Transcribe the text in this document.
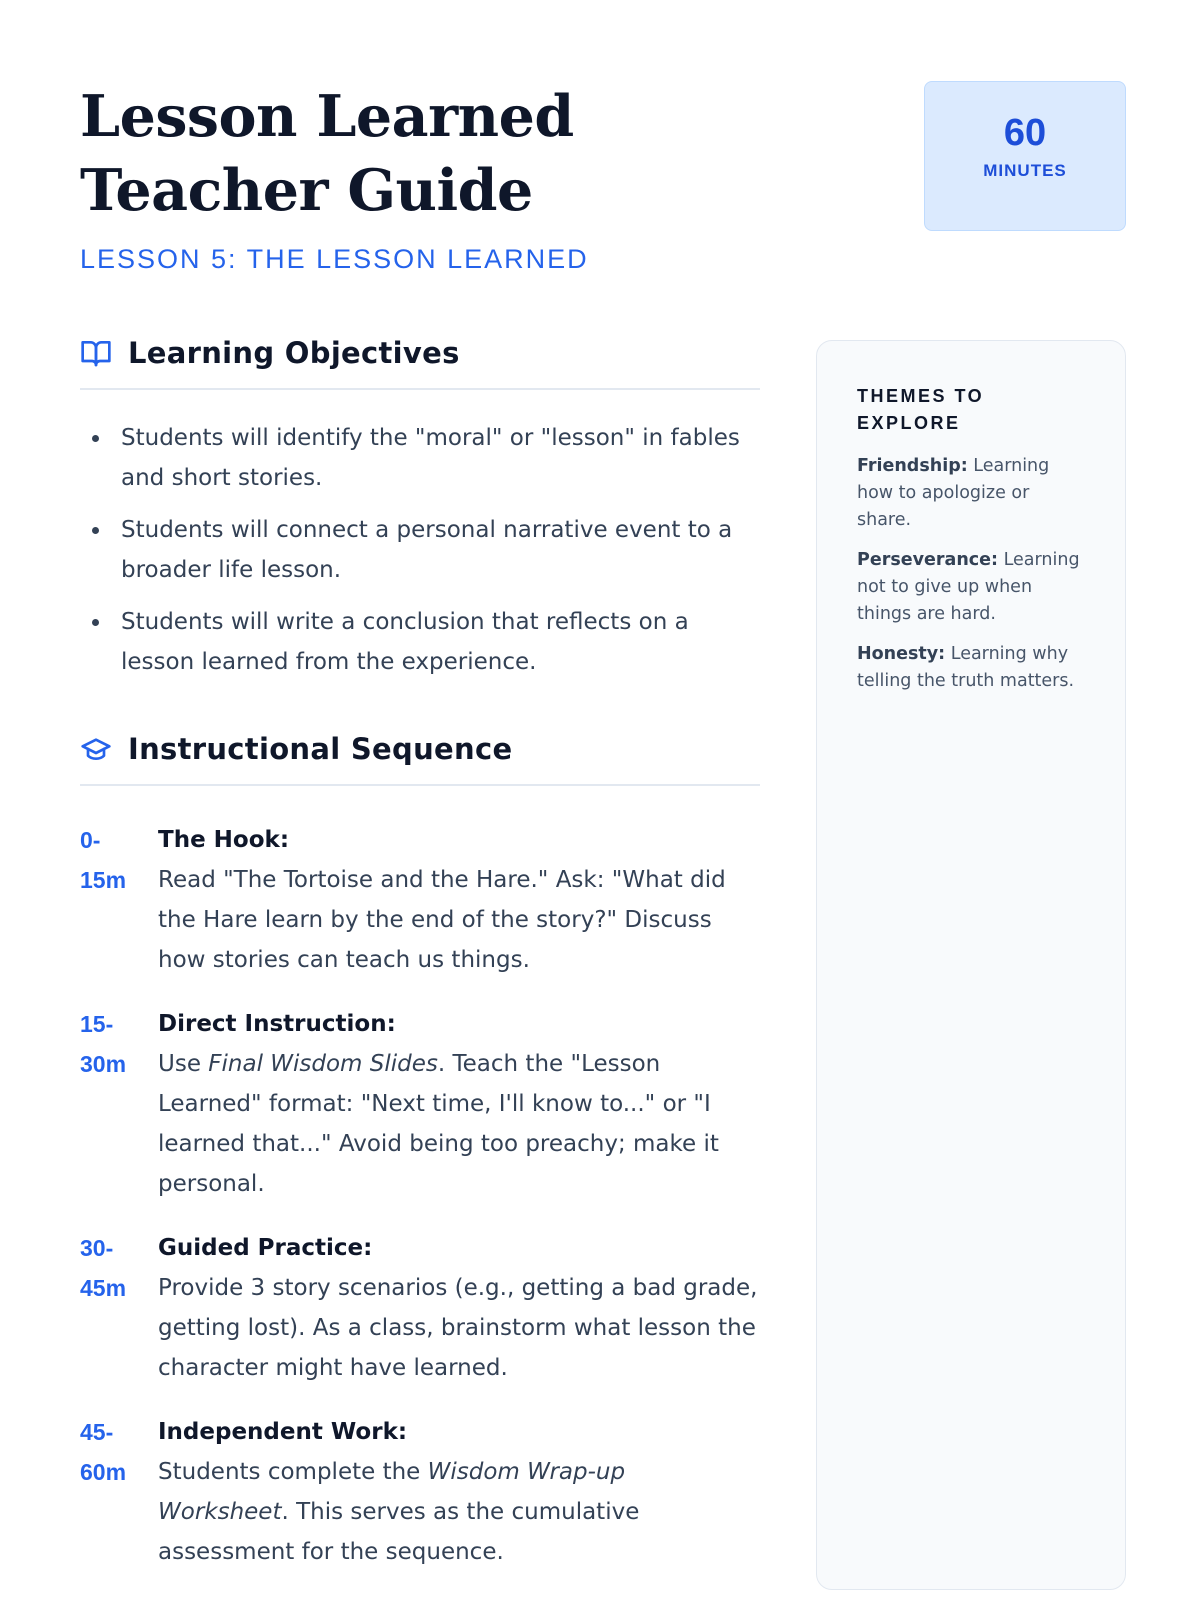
Lesson Learned Teacher Guide
LESSON 5: THE LESSON LEARNED
60
MINUTES
Learning Objectives
Students will identify the "moral" or "lesson" in fables and short stories.
Students will connect a personal narrative event to a broader life lesson.
Students will write a conclusion that reflects on a lesson learned from the experience.
Instructional Sequence
0-
15m
The Hook:
Read "The Tortoise and the Hare." Ask: "What did the Hare learn by the end of the story?" Discuss how stories can teach us things.
15-
30m
Direct Instruction:
Use Final Wisdom Slides. Teach the "Lesson Learned" format: "Next time, I'll know to..." or "I learned that..." Avoid being too preachy; make it personal.
30-
45m
Guided Practice:
Provide 3 story scenarios (e.g., getting a bad grade, getting lost). As a class, brainstorm what lesson the character might have learned.
45-
60m
Independent Work:
Students complete the Wisdom Wrap-up Worksheet. This serves as the cumulative assessment for the sequence.
THEMES TO EXPLORE

Friendship: Learning how to apologize or share.

Perseverance: Learning not to give up when things are hard.

Honesty: Learning why telling the truth matters.
